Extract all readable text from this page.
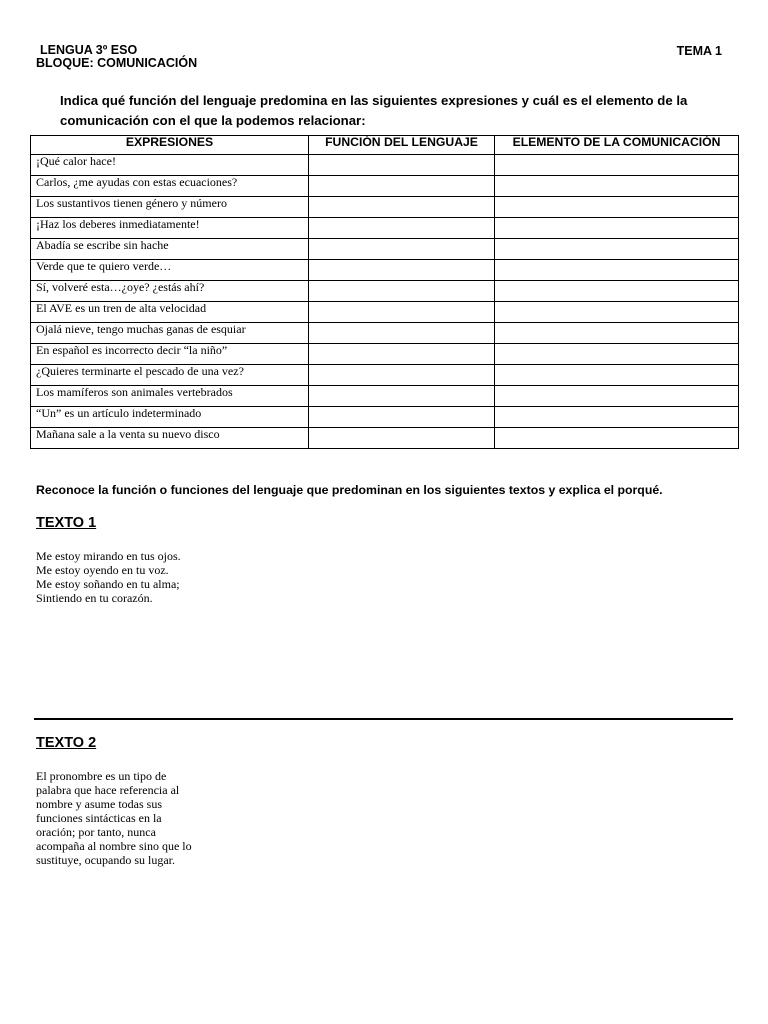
LENGUA 3º ESO
BLOQUE: COMUNICACIÓN
TEMA 1
Indica qué función del lenguaje predomina en las siguientes expresiones y cuál es el elemento de la
comunicación con el que la podemos relacionar:
EXPRESIONES	FUNCIÓN DEL LENGUAJE	ELEMENTO DE LA COMUNICACIÓN
¡Qué calor hace!		
Carlos, ¿me ayudas con estas ecuaciones?		
Los sustantivos tienen género y número		
¡Haz los deberes inmediatamente!		
Abadía se escribe sin hache		
Verde que te quiero verde…		
Sí, volveré esta…¿oye? ¿estás ahí?		
El AVE es un tren de alta velocidad		
Ojalá nieve, tengo muchas ganas de esquiar		
En español es incorrecto decir “la niño”		
¿Quieres terminarte el pescado de una vez?		
Los mamíferos son animales vertebrados		
“Un” es un artículo indeterminado		
Mañana sale a la venta su nuevo disco		
Reconoce la función o funciones del lenguaje que predominan en los siguientes textos y explica el porqué.
TEXTO 1
Me estoy mirando en tus ojos.
Me estoy oyendo en tu voz.
Me estoy soñando en tu alma;
Sintiendo en tu corazón.
TEXTO 2
El pronombre es un tipo de
palabra que hace referencia al
nombre y asume todas sus
funciones sintácticas en la
oración; por tanto, nunca
acompaña al nombre sino que lo
sustituye, ocupando su lugar.
